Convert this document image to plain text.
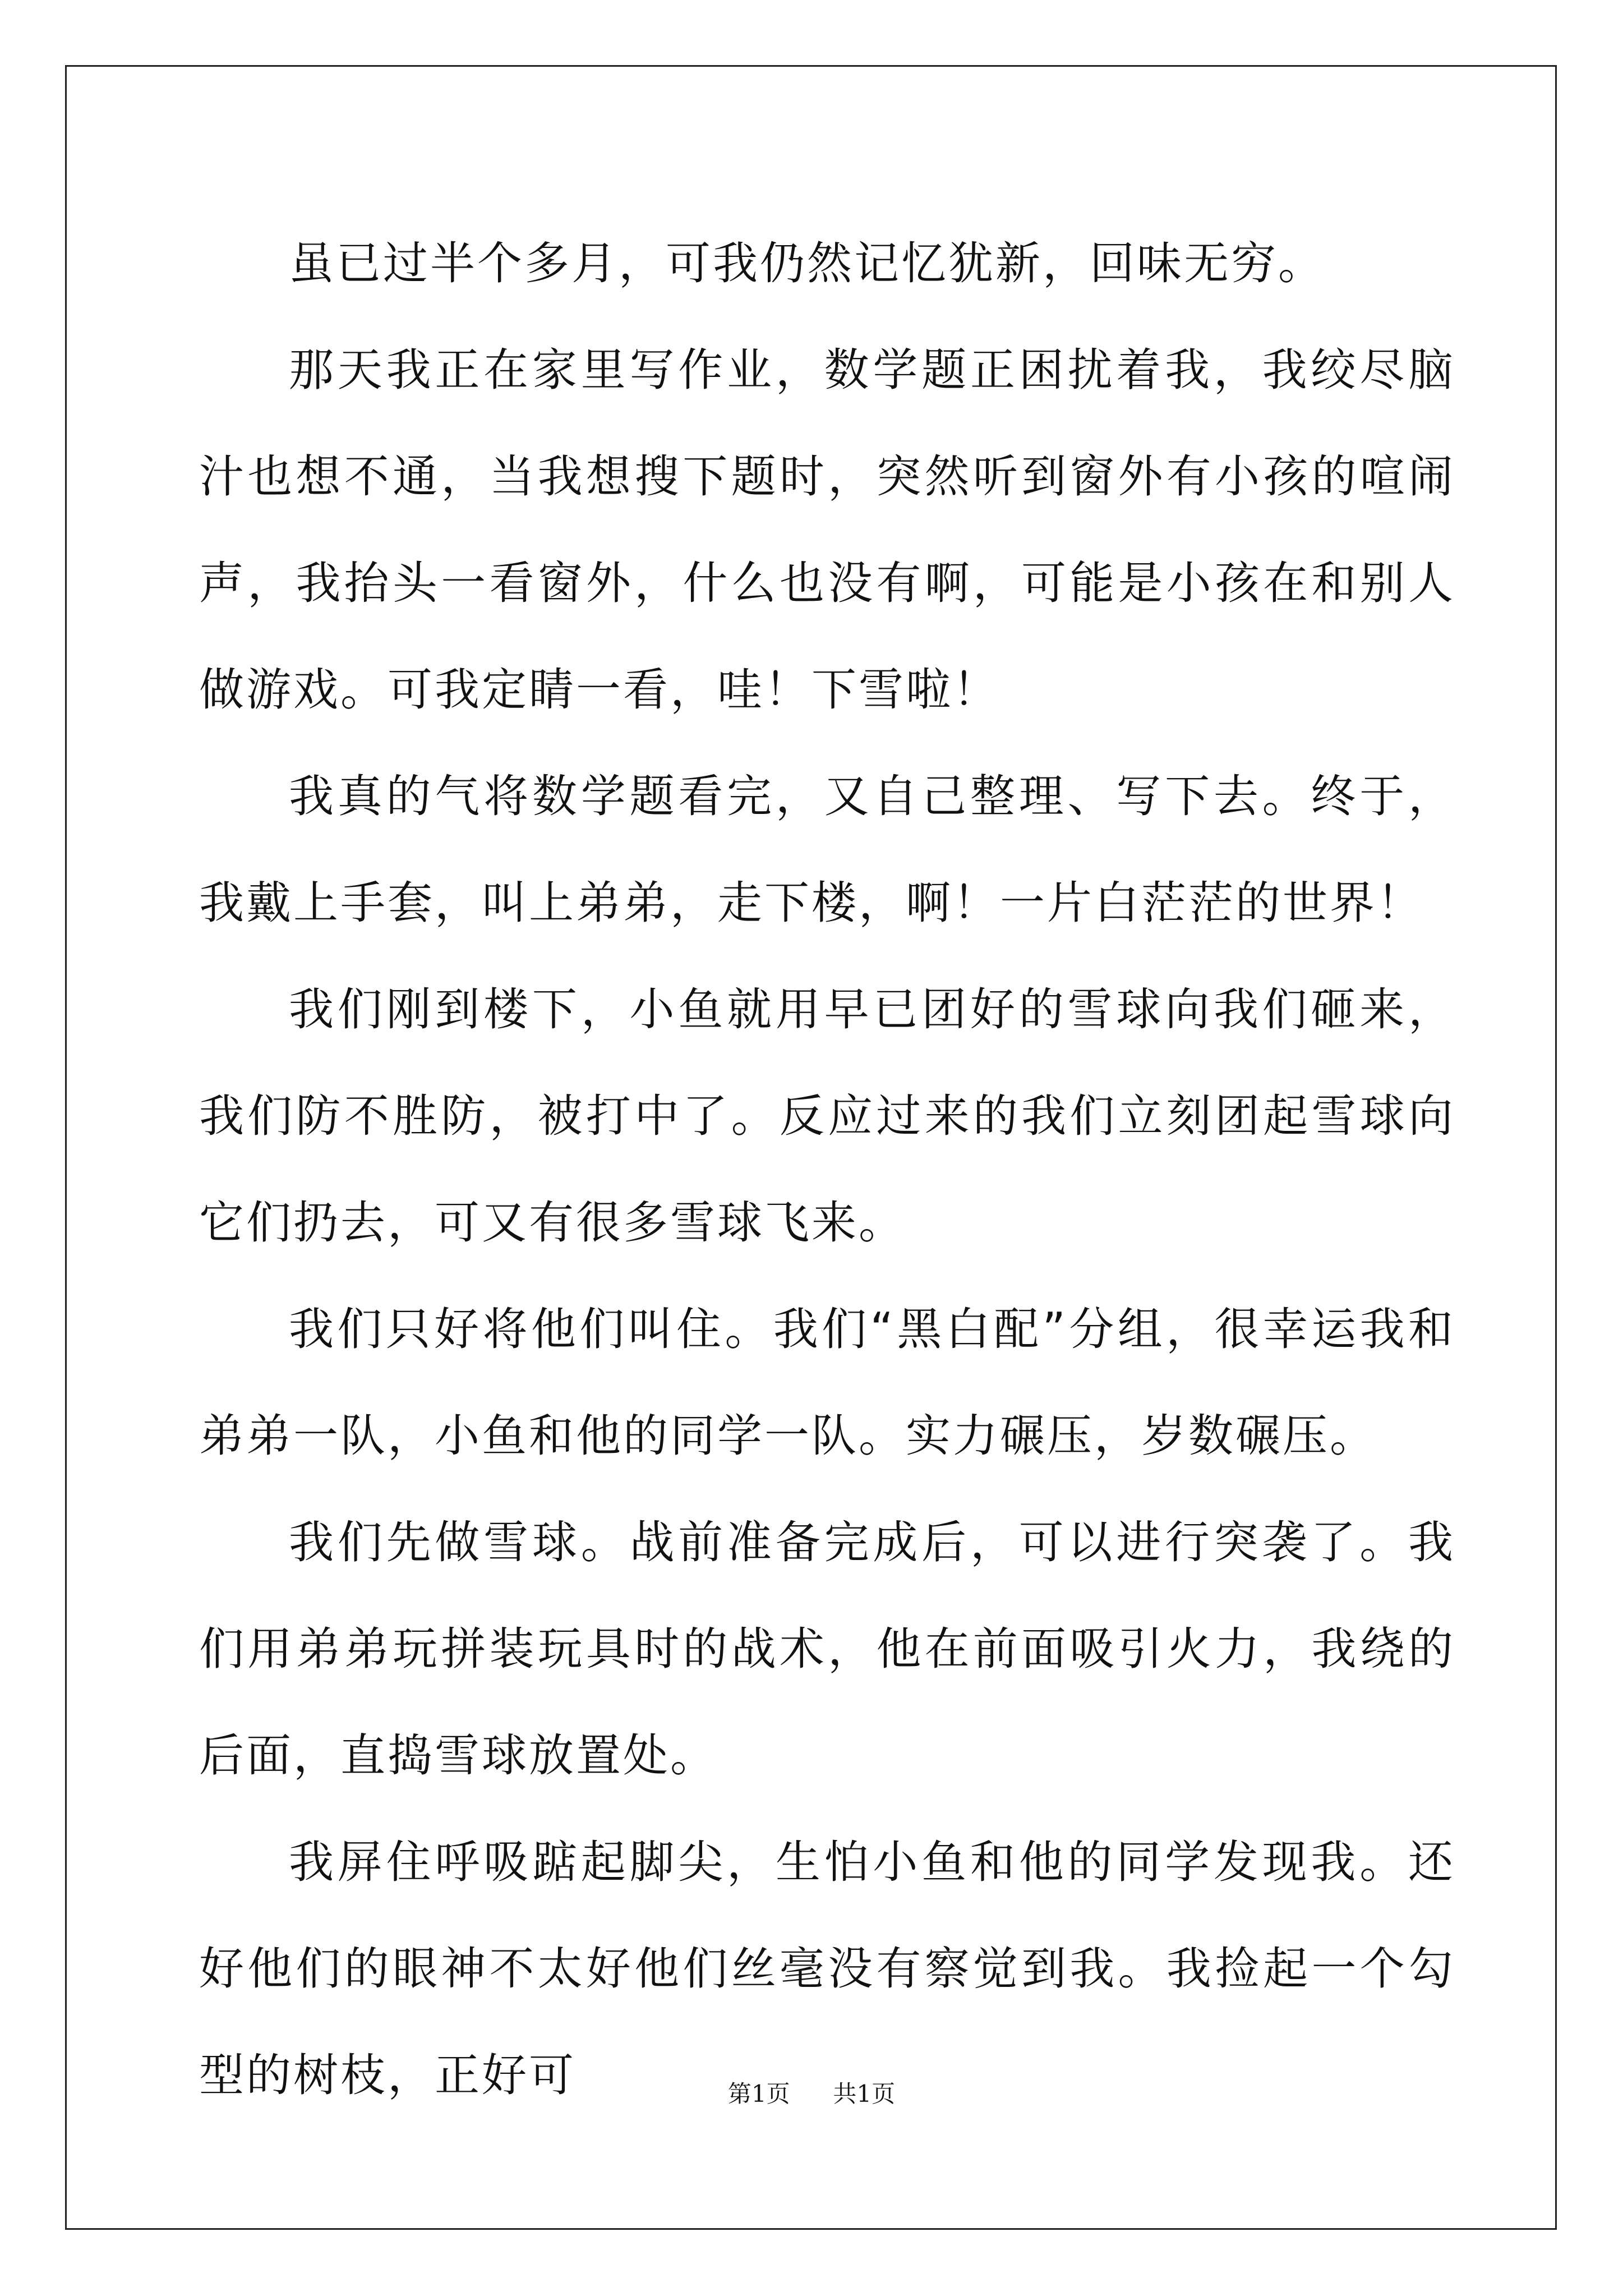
虽已过半个多月，可我仍然记忆犹新，回味无穷。

那天我正在家里写作业，数学题正困扰着我，我绞尽脑汁也想不通，当我想搜下题时，突然听到窗外有小孩的喧闹声，我抬头一看窗外，什么也没有啊，可能是小孩在和别人做游戏。可我定睛一看，哇！下雪啦！

我真的气将数学题看完，又自己整理、写下去。终于，我戴上手套，叫上弟弟，走下楼，啊！一片白茫茫的世界！

我们刚到楼下，小鱼就用早已团好的雪球向我们砸来，我们防不胜防，被打中了。反应过来的我们立刻团起雪球向它们扔去，可又有很多雪球飞来。

我们只好将他们叫住。我们“黑白配”分组，很幸运我和弟弟一队，小鱼和他的同学一队。实力碾压，岁数碾压。

我们先做雪球。战前准备完成后，可以进行突袭了。我们用弟弟玩拼装玩具时的战术，他在前面吸引火力，我绕的后面，直捣雪球放置处。

我屏住呼吸踮起脚尖，生怕小鱼和他的同学发现我。还好他们的眼神不太好他们丝毫没有察觉到我。我捡起一个勾型的树枝，正好可	第1页 共1页
